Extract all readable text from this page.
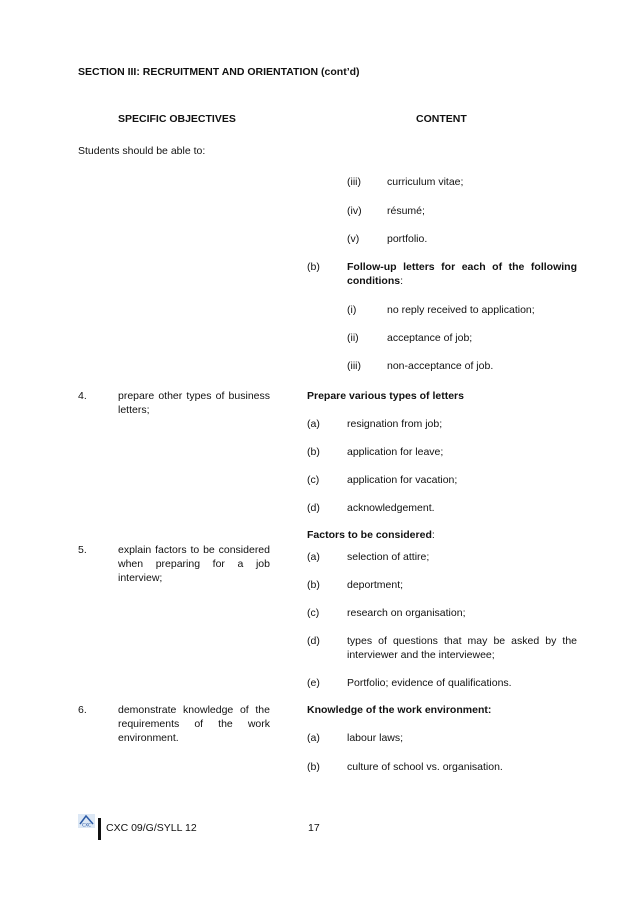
SECTION III: RECRUITMENT AND ORIENTATION (cont’d)
SPECIFIC OBJECTIVES	CONTENT
Students should be able to:
(iii) curriculum vitae;
(iv) résumé;
(v)	portfolio.
(b)	Follow-up letters for each of the following
conditions:
(i)	no reply received to application;
(ii)	acceptance of job;
(iii) non-acceptance of job.
4.	prepare other types of business
letters;
Prepare various types of letters
(a)	resignation from job;
(b)	application for leave;
(c)	application for vacation;
(d)	acknowledgement.
Factors to be considered:
5.	explain factors to be considered
when preparing for a job
interview;
(a)	selection of attire;
(b)	deportment;
(c)	research on organisation;
(d)	types of questions that may be asked by the
interviewer and the interviewee;
(e)	Portfolio; evidence of qualifications.
6.	demonstrate knowledge of the
requirements of the work
environment.
Knowledge of the work environment:
(a)	labour laws;
(b)	culture of school vs. organisation.
CXC CXC 09/G/SYLL 12	17
